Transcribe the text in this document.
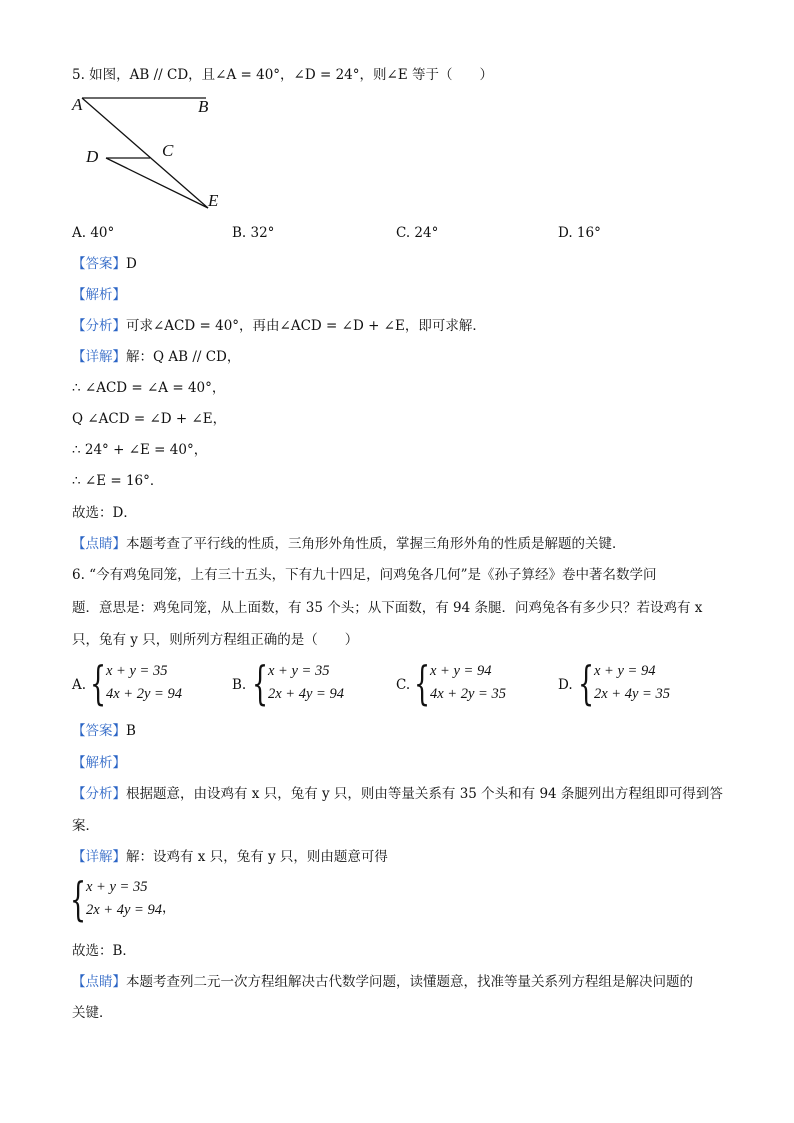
5. 如图，AB // CD，且∠A = 40°，∠D = 24°，则∠E 等于（　　）
A	B
C
D
E
A. 40°	B. 32°	C. 24°	D. 16°
【答案】D
【解析】
【分析】可求∠ACD = 40°，再由∠ACD = ∠D + ∠E，即可求解．
【详解】解：Q AB // CD，
∴ ∠ACD = ∠A = 40°，
Q ∠ACD = ∠D + ∠E，
∴ 24° + ∠E = 40°，
∴ ∠E = 16°．
故选：D．
【点睛】本题考查了平行线的性质，三角形外角性质，掌握三角形外角的性质是解题的关键．
6. “今有鸡兔同笼，上有三十五头，下有九十四足，问鸡兔各几何”是《孙子算经》卷中著名数学问
题．意思是：鸡兔同笼，从上面数，有 35 个头；从下面数，有 94 条腿．问鸡兔各有多少只？若设鸡有 x
只，兔有 y 只，则所列方程组正确的是（　　）
A. { x + y = 35
4x + 2y = 94
B. { x + y = 35
2x + 4y = 94
C. { x + y = 94
4x + 2y = 35
D. { x + y = 94
2x + 4y = 35
【答案】B
【解析】
【分析】根据题意，由设鸡有 x 只，兔有 y 只，则由等量关系有 35 个头和有 94 条腿列出方程组即可得到答
案．
【详解】解：设鸡有 x 只，兔有 y 只，则由题意可得
{ x + y = 35
2x + 4y = 94 ，
故选：B．
【点睛】本题考查列二元一次方程组解决古代数学问题，读懂题意，找准等量关系列方程组是解决问题的
关键．
